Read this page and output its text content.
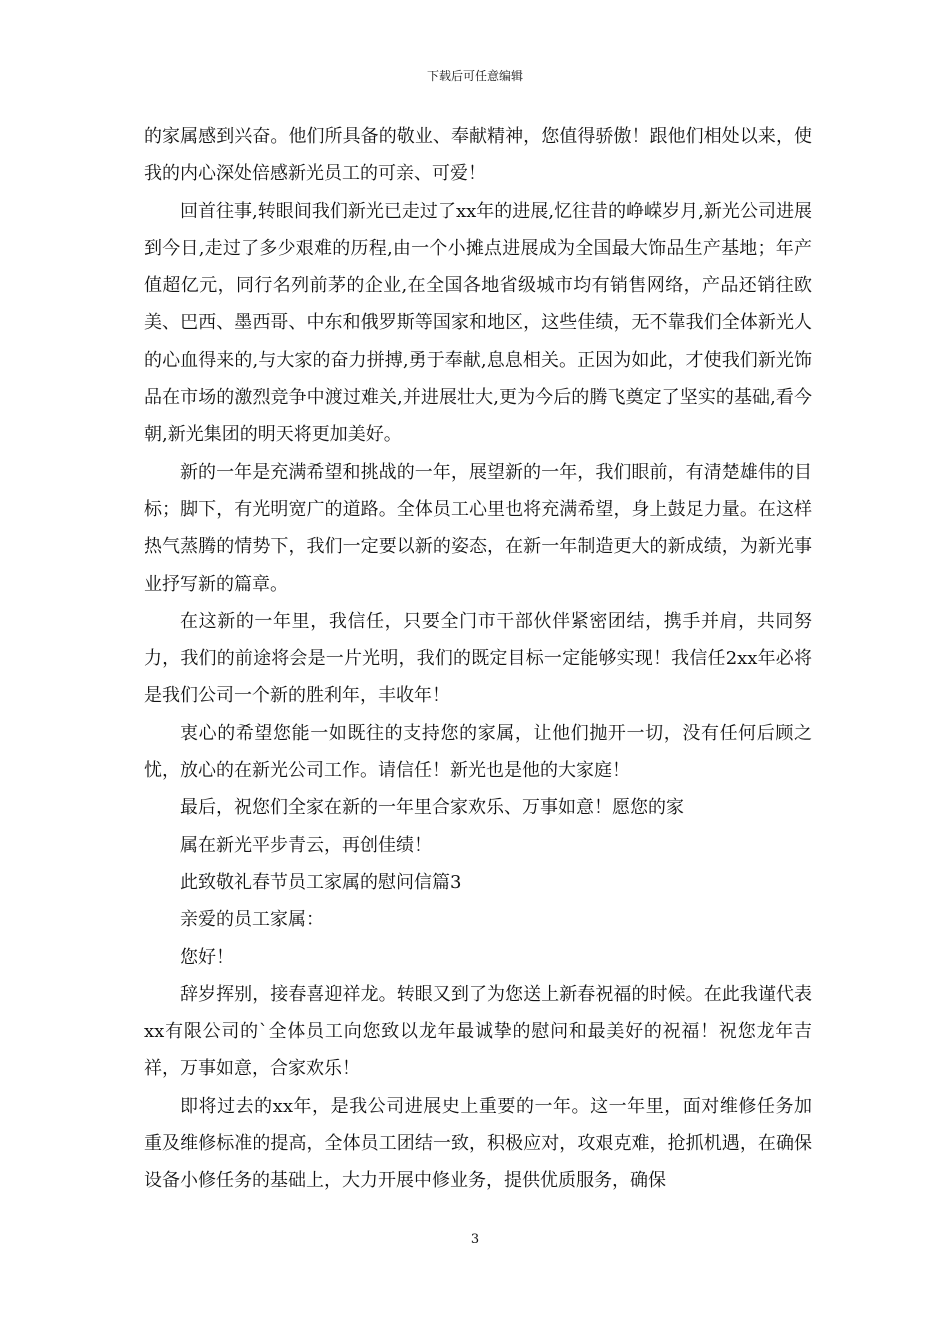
下载后可任意编辑

的家属感到兴奋。他们所具备的敬业、奉献精神，您值得骄傲！跟他们相处以来，使我的内心深处倍感新光员工的可亲、可爱！

回首往事,转眼间我们新光已走过了xx年的进展,忆往昔的峥嵘岁月,新光公司进展到今日,走过了多少艰难的历程,由一个小摊点进展成为全国最大饰品生产基地；年产值超亿元，同行名列前茅的企业,在全国各地省级城市均有销售网络，产品还销往欧美、巴西、墨西哥、中东和俄罗斯等国家和地区，这些佳绩，无不靠我们全体新光人的心血得来的,与大家的奋力拼搏,勇于奉献,息息相关。正因为如此，才使我们新光饰品在市场的激烈竞争中渡过难关,并进展壮大,更为今后的腾飞奠定了坚实的基础,看今朝,新光集团的明天将更加美好。

新的一年是充满希望和挑战的一年，展望新的一年，我们眼前，有清楚雄伟的目标；脚下，有光明宽广的道路。全体员工心里也将充满希望，身上鼓足力量。在这样热气蒸腾的情势下，我们一定要以新的姿态，在新一年制造更大的新成绩，为新光事业抒写新的篇章。

在这新的一年里，我信任，只要全门市干部伙伴紧密团结，携手并肩，共同努力，我们的前途将会是一片光明，我们的既定目标一定能够实现！我信任2xx年必将是我们公司一个新的胜利年，丰收年！

衷心的希望您能一如既往的支持您的家属，让他们抛开一切，没有任何后顾之忧，放心的在新光公司工作。请信任！新光也是他的大家庭！

最后，祝您们全家在新的一年里合家欢乐、万事如意！愿您的家

属在新光平步青云，再创佳绩！

此致敬礼春节员工家属的慰问信篇3

亲爱的员工家属：

您好！

辞岁挥别，接春喜迎祥龙。转眼又到了为您送上新春祝福的时候。在此我谨代表xx有限公司的`全体员工向您致以龙年最诚挚的慰问和最美好的祝福！祝您龙年吉祥，万事如意，合家欢乐！

即将过去的xx年，是我公司进展史上重要的一年。这一年里，面对维修任务加重及维修标准的提高，全体员工团结一致，积极应对，攻艰克难，抢抓机遇，在确保设备小修任务的基础上，大力开展中修业务，提供优质服务，确保

3
